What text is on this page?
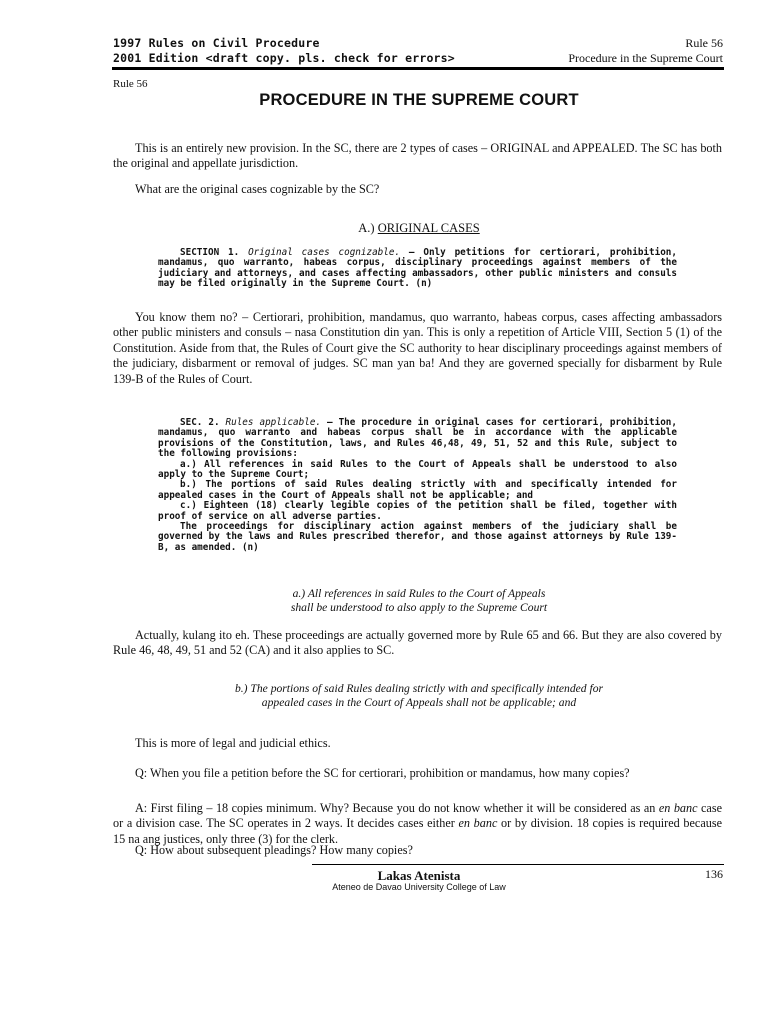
1997 Rules on Civil Procedure
2001 Edition <draft copy. pls. check for errors>
Rule 56
Procedure in the Supreme Court
Rule 56
PROCEDURE IN THE SUPREME COURT

This is an entirely new provision. In the SC, there are 2 types of cases – ORIGINAL and APPEALED. The SC has both the original and appellate jurisdiction.

What are the original cases cognizable by the SC?

A.) ORIGINAL CASES

SECTION 1. Original cases cognizable. – Only petitions for certiorari, prohibition, mandamus, quo warranto, habeas corpus, disciplinary proceedings against members of the judiciary and attorneys, and cases affecting ambassadors, other public ministers and consuls may be filed originally in the Supreme Court. (n)

You know them no? – Certiorari, prohibition, mandamus, quo warranto, habeas corpus, cases affecting ambassadors other public ministers and consuls – nasa Constitution din yan. This is only a repetition of Article VIII, Section 5 (1) of the Constitution. Aside from that, the Rules of Court give the SC authority to hear disciplinary proceedings against members of the judiciary, disbarment or removal of judges. SC man yan ba! And they are governed specially for disbarment by Rule 139-B of the Rules of Court.

SEC. 2. Rules applicable. – The procedure in original cases for certiorari, prohibition, mandamus, quo warranto and habeas corpus shall be in accordance with the applicable provisions of the Constitution, laws, and Rules 46,48, 49, 51, 52 and this Rule, subject to the following provisions:
a.) All references in said Rules to the Court of Appeals shall be understood to also apply to the Supreme Court;
b.) The portions of said Rules dealing strictly with and specifically intended for appealed cases in the Court of Appeals shall not be applicable; and
c.) Eighteen (18) clearly legible copies of the petition shall be filed, together with proof of service on all adverse parties.
The proceedings for disciplinary action against members of the judiciary shall be governed by the laws and Rules prescribed therefor, and those against attorneys by Rule 139-B, as amended. (n)

a.) All references in said Rules to the Court of Appeals
shall be understood to also apply to the Supreme Court

Actually, kulang ito eh. These proceedings are actually governed more by Rule 65 and 66. But they are also covered by Rule 46, 48, 49, 51 and 52 (CA) and it also applies to SC.

b.) The portions of said Rules dealing strictly with and specifically intended for
appealed cases in the Court of Appeals shall not be applicable; and

This is more of legal and judicial ethics.

Q: When you file a petition before the SC for certiorari, prohibition or mandamus, how many copies?

A: First filing – 18 copies minimum. Why? Because you do not know whether it will be considered as an en banc case or a division case. The SC operates in 2 ways. It decides cases either en banc or by division. 18 copies is required because 15 na ang justices, only three (3) for the clerk.

Q: How about subsequent pleadings? How many copies?

Lakas Atenista
Ateneo de Davao University College of Law
136
